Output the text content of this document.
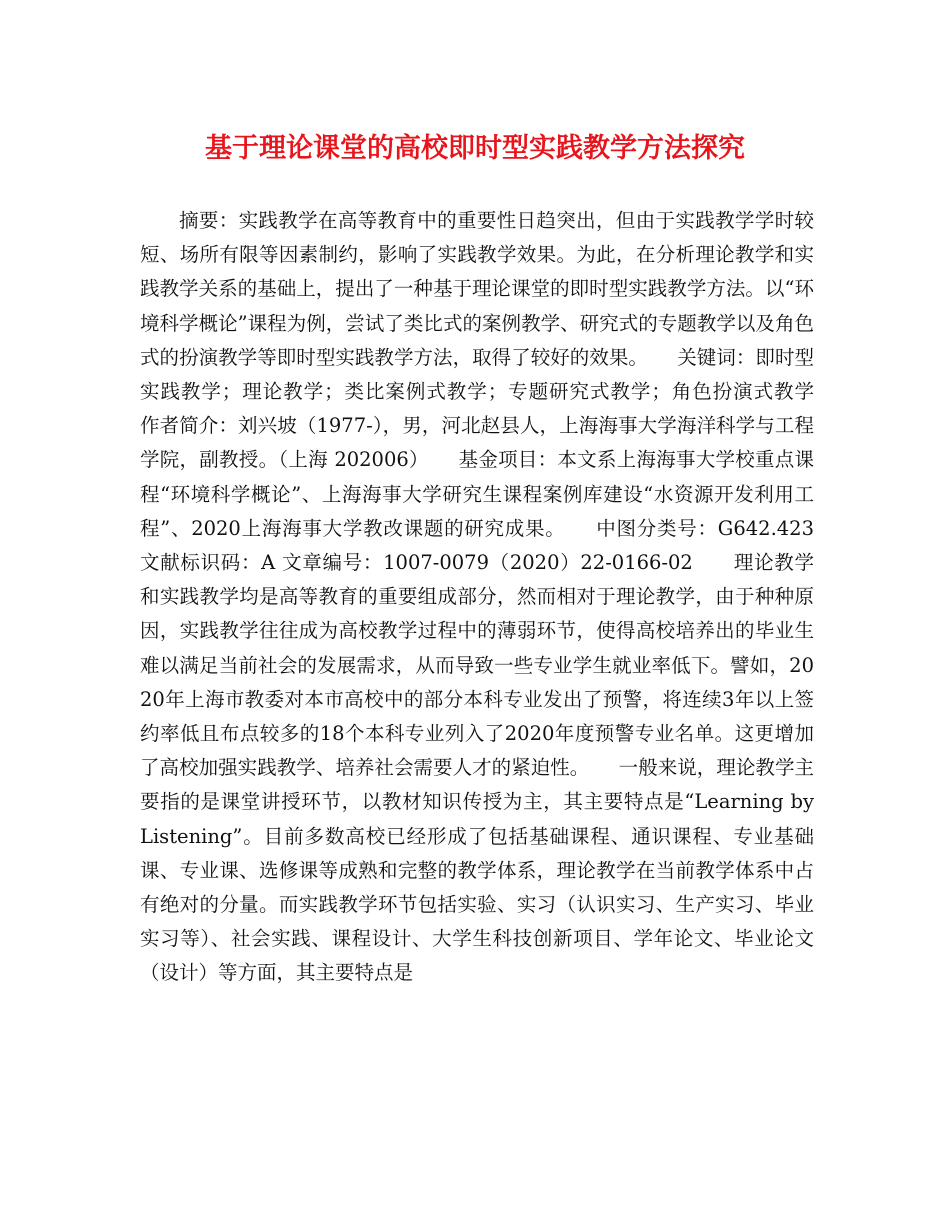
基于理论课堂的高校即时型实践教学方法探究

摘要：实践教学在高等教育中的重要性日趋突出，但由于实践教学学时较短、场所有限等因素制约，影响了实践教学效果。为此，在分析理论教学和实践教学关系的基础上，提出了一种基于理论课堂的即时型实践教学方法。以“环境科学概论”课程为例，尝试了类比式的案例教学、研究式的专题教学以及角色式的扮演教学等即时型实践教学方法，取得了较好的效果。　　关键词：即时型实践教学；理论教学；类比案例式教学；专题研究式教学；角色扮演式教学　　作者简介：刘兴坡（1977-），男，河北赵县人，上海海事大学海洋科学与工程学院，副教授。（上海 202006）　　基金项目：本文系上海海事大学校重点课程“环境科学概论”、上海海事大学研究生课程案例库建设“水资源开发利用工程”、2020上海海事大学教改课题的研究成果。　　中图分类号：G642.423 文献标识码：A 文章编号：1007-0079（2020）22-0166-02　　理论教学和实践教学均是高等教育的重要组成部分，然而相对于理论教学，由于种种原因，实践教学往往成为高校教学过程中的薄弱环节，使得高校培养出的毕业生难以满足当前社会的发展需求，从而导致一些专业学生就业率低下。譬如，2020年上海市教委对本市高校中的部分本科专业发出了预警，将连续3年以上签约率低且布点较多的18个本科专业列入了2020年度预警专业名单。这更增加了高校加强实践教学、培养社会需要人才的紧迫性。　　一般来说，理论教学主要指的是课堂讲授环节，以教材知识传授为主，其主要特点是“Learning by Listening”。目前多数高校已经形成了包括基础课程、通识课程、专业基础课、专业课、选修课等成熟和完整的教学体系，理论教学在当前教学体系中占有绝对的分量。而实践教学环节包括实验、实习（认识实习、生产实习、毕业实习等）、社会实践、课程设计、大学生科技创新项目、学年论文、毕业论文（设计）等方面，其主要特点是
